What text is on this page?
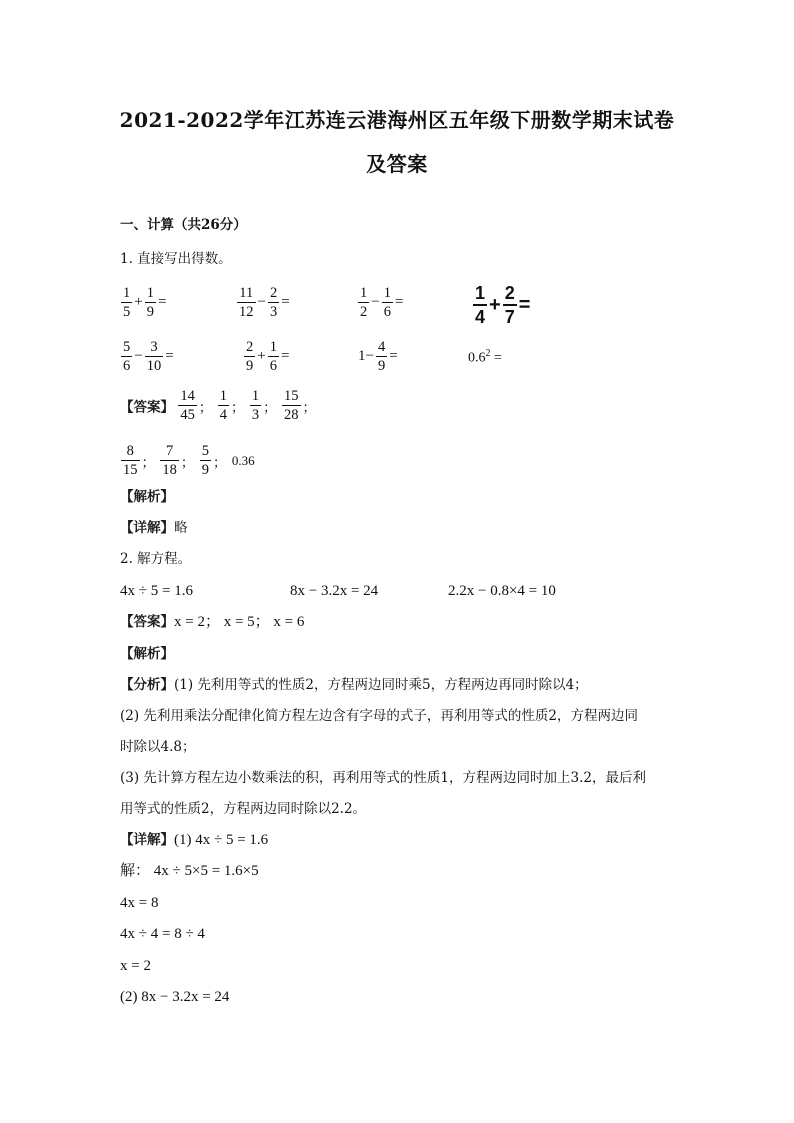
2021-2022学年江苏连云港海州区五年级下册数学期末试卷
及答案
一、计算（共26分）
1. 直接写出得数。
$\frac{1}{5} + \frac{1}{9}$ =	$\frac{11}{12} - \frac{2}{3}$ =	$\frac{1}{2} - \frac{1}{6}$ =	$\frac{1}{4} + \frac{2}{7}$ =
$\frac{5}{6} - \frac{3}{10}$ =	$\frac{2}{9} + \frac{1}{6}$ =	$1- \frac{4}{9}$ =	$0.6^2$ =
【答案】 $\frac{14}{45}$ ； $\frac{1}{4}$ ； $\frac{1}{3}$ ； $\frac{15}{28}$ ；
$\frac{8}{15}$ ； $\frac{7}{18}$ ； $\frac{5}{9}$ ； 0.36
【解析】
【详解】略
2. 解方程。
4x ÷ 5 = 1.6	8x − 3.2x = 24	2.2x − 0.8×4 = 10
【答案】x = 2； x = 5； x = 6
【解析】
【分析】(1) 先利用等式的性质2，方程两边同时乘5，方程两边再同时除以4；
(2) 先利用乘法分配律化简方程左边含有字母的式子，再利用等式的性质2，方程两边同
时除以4.8；
(3) 先计算方程左边小数乘法的积，再利用等式的性质1，方程两边同时加上3.2，最后利
用等式的性质2，方程两边同时除以2.2。
【详解】(1) 4x ÷ 5 = 1.6
解： 4x ÷ 5×5 = 1.6×5
4x = 8
4x ÷ 4 = 8 ÷ 4
x = 2
(2) 8x − 3.2x = 24
